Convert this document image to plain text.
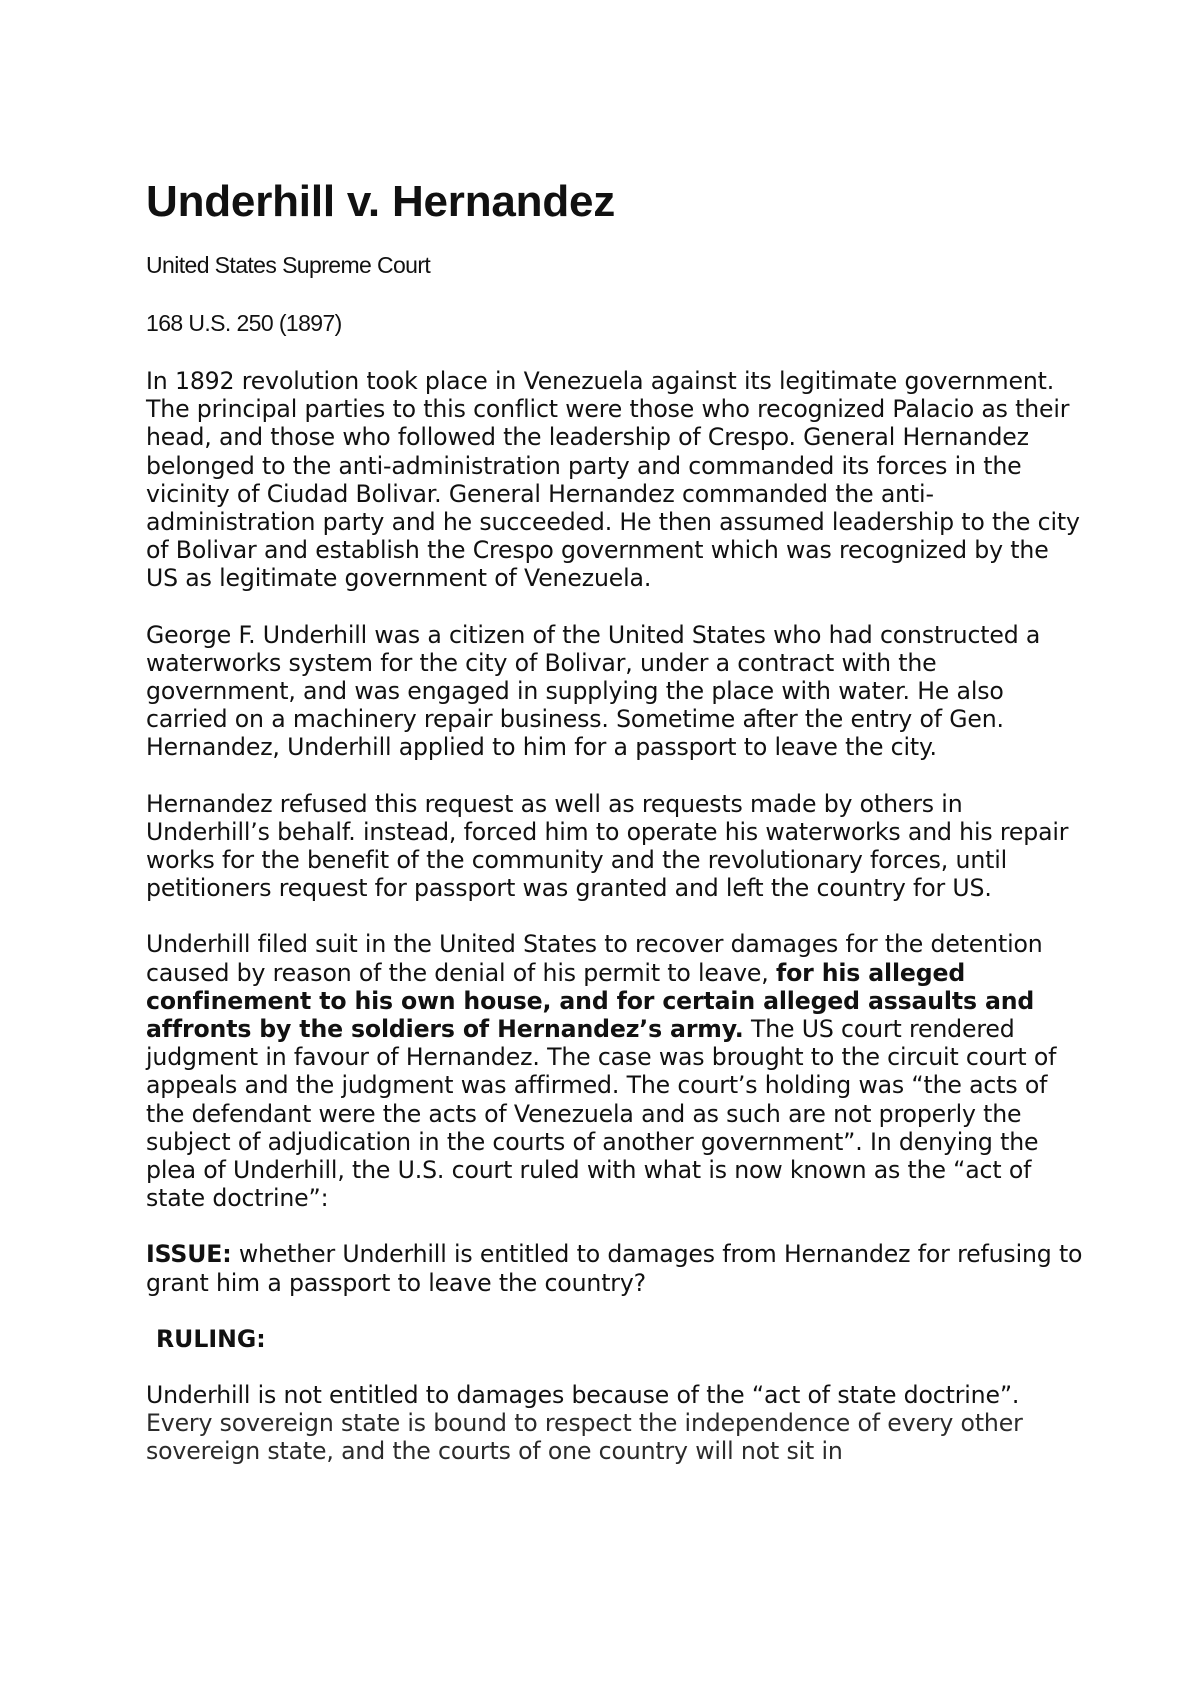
Underhill v. Hernandez

United States Supreme Court

168 U.S. 250 (1897)

In 1892 revolution took place in Venezuela against its legitimate government. The principal parties to this conflict were those who recognized Palacio as their head, and those who followed the leadership of Crespo. General Hernandez belonged to the anti-administration party and commanded its forces in the vicinity of Ciudad Bolivar. General Hernandez commanded the anti-administration party and he succeeded. He then assumed leadership to the city of Bolivar and establish the Crespo government which was recognized by the US as legitimate government of Venezuela.

George F. Underhill was a citizen of the United States who had constructed a waterworks system for the city of Bolivar, under a contract with the government, and was engaged in supplying the place with water. He also carried on a machinery repair business. Sometime after the entry of Gen. Hernandez, Underhill applied to him for a passport to leave the city.

Hernandez refused this request as well as requests made by others in Underhill’s behalf. instead, forced him to operate his waterworks and his repair works for the benefit of the community and the revolutionary forces, until petitioners request for passport was granted and left the country for US.

Underhill filed suit in the United States to recover damages for the detention caused by reason of the denial of his permit to leave, for his alleged confinement to his own house, and for certain alleged assaults and affronts by the soldiers of Hernandez’s army. The US court rendered judgment in favour of Hernandez. The case was brought to the circuit court of appeals and the judgment was affirmed. The court’s holding was “the acts of the defendant were the acts of Venezuela and as such are not properly the subject of adjudication in the courts of another government”. In denying the plea of Underhill, the U.S. court ruled with what is now known as the “act of state doctrine”:

ISSUE: whether Underhill is entitled to damages from Hernandez for refusing to grant him a passport to leave the country?

RULING:

Underhill is not entitled to damages because of the “act of state doctrine”. Every sovereign state is bound to respect the independence of every other sovereign state, and the courts of one country will not sit in
